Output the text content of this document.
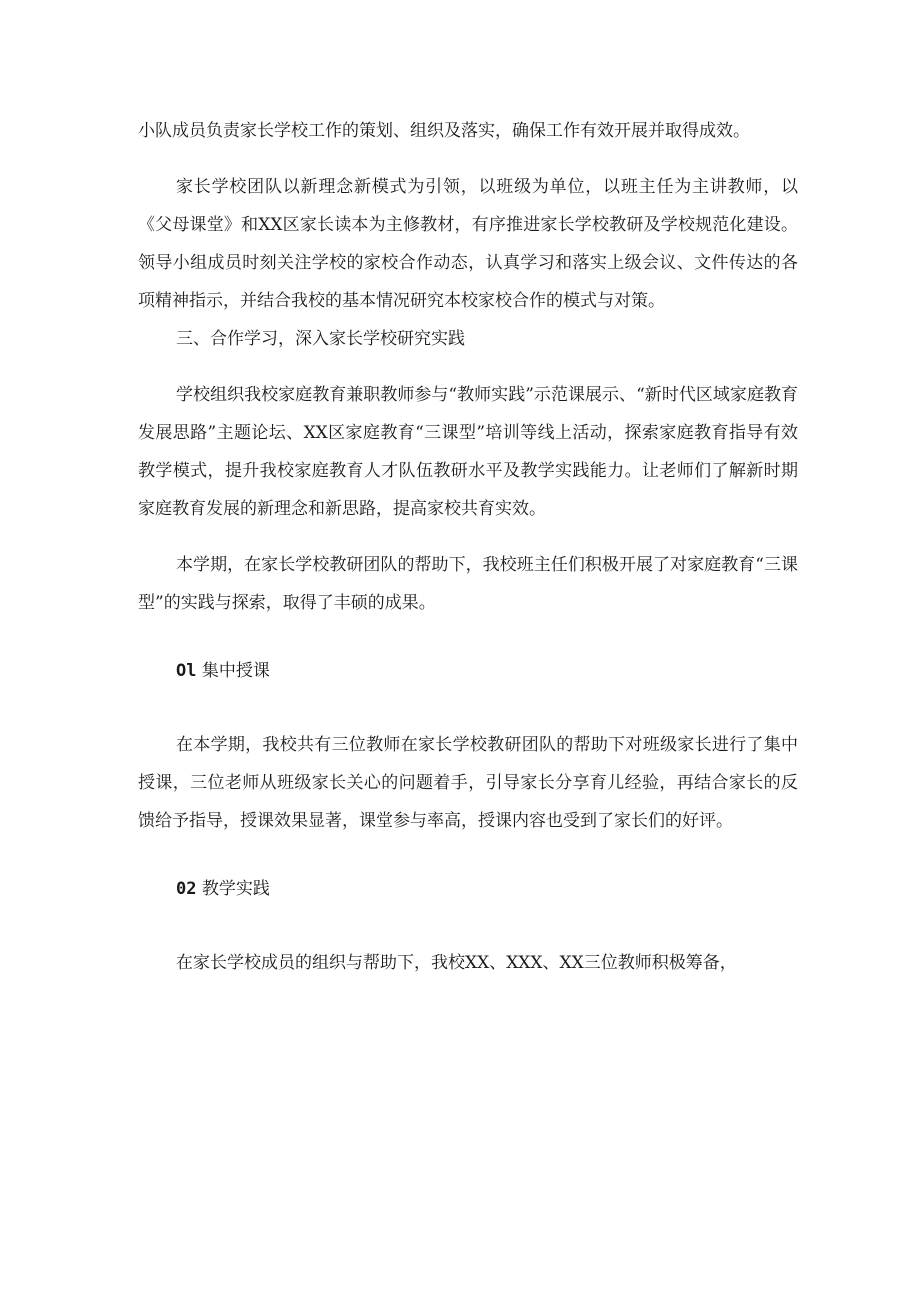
小队成员负责家长学校工作的策划、组织及落实，确保工作有效开展并取得成效。

家长学校团队以新理念新模式为引领，以班级为单位，以班主任为主讲教师，以《父母课堂》和XX区家长读本为主修教材，有序推进家长学校教研及学校规范化建设。领导小组成员时刻关注学校的家校合作动态，认真学习和落实上级会议、文件传达的各项精神指示，并结合我校的基本情况研究本校家校合作的模式与对策。

三、合作学习，深入家长学校研究实践

学校组织我校家庭教育兼职教师参与“教师实践”示范课展示、“新时代区域家庭教育发展思路”主题论坛、XX区家庭教育“三课型”培训等线上活动，探索家庭教育指导有效教学模式，提升我校家庭教育人才队伍教研水平及教学实践能力。让老师们了解新时期家庭教育发展的新理念和新思路，提高家校共育实效。

本学期，在家长学校教研团队的帮助下，我校班主任们积极开展了对家庭教育“三课型”的实践与探索，取得了丰硕的成果。

Ol 集中授课

在本学期，我校共有三位教师在家长学校教研团队的帮助下对班级家长进行了集中授课，三位老师从班级家长关心的问题着手，引导家长分享育儿经验，再结合家长的反馈给予指导，授课效果显著，课堂参与率高，授课内容也受到了家长们的好评。

02 教学实践

在家长学校成员的组织与帮助下，我校XX、XXX、XX三位教师积极筹备，
